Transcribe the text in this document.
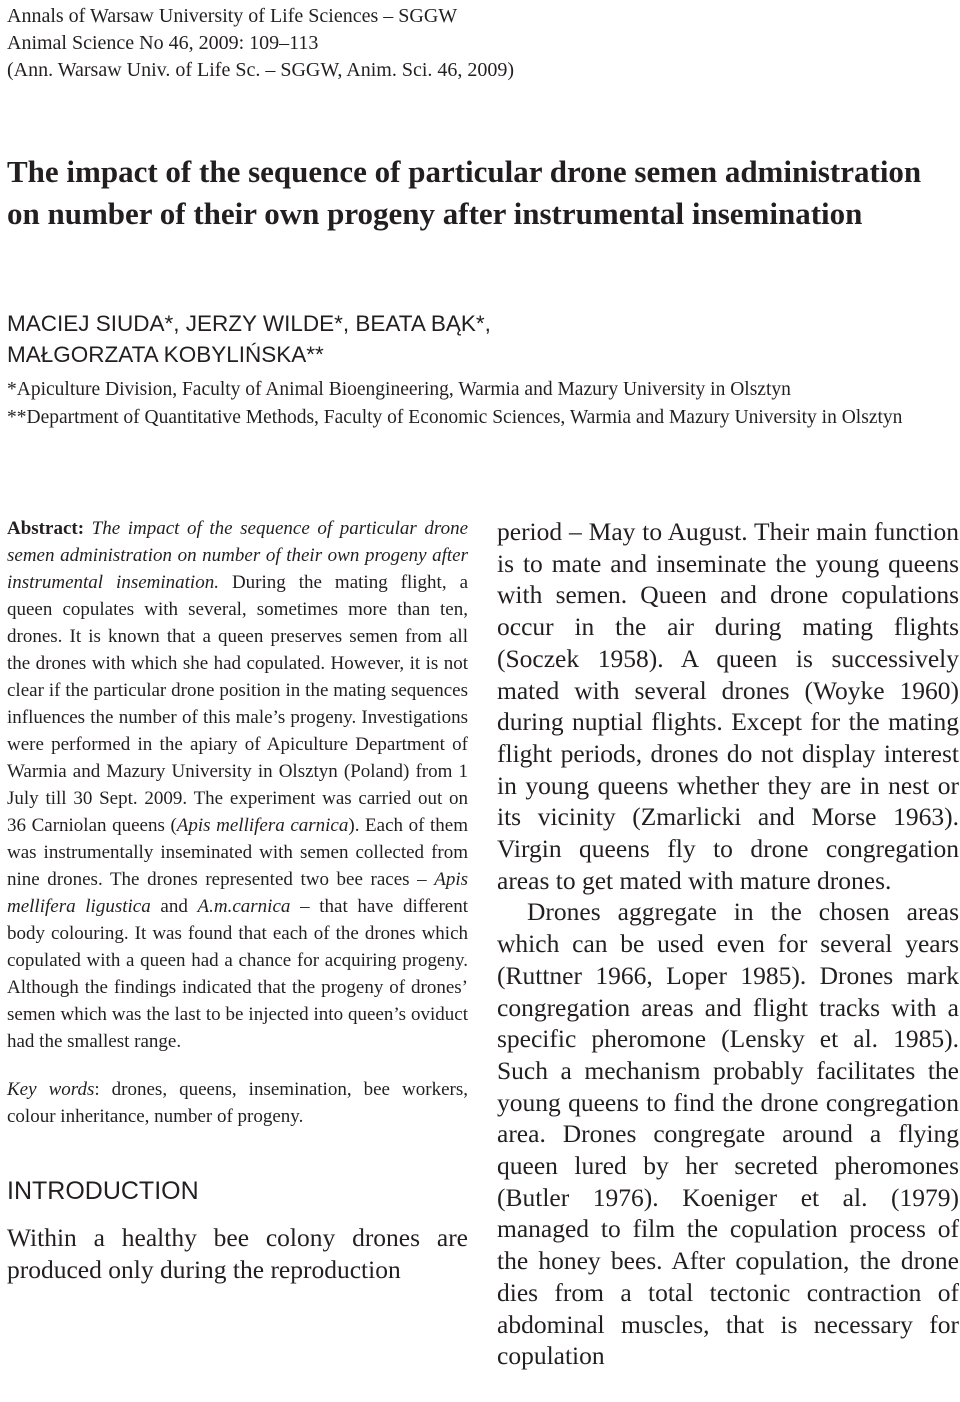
Annals of Warsaw University of Life Sciences – SGGW
Animal Science No 46, 2009: 109–113
(Ann. Warsaw Univ. of Life Sc. – SGGW, Anim. Sci. 46, 2009)
The impact of the sequence of particular drone semen administration on number of their own progeny after instrumental insemination
MACIEJ SIUDA*, JERZY WILDE*, BEATA BĄK*,
MAŁGORZATA KOBYLIŃSKA**
*Apiculture Division, Faculty of Animal Bioengineering, Warmia and Mazury University in Olsztyn
**Department of Quantitative Methods, Faculty of Economic Sciences, Warmia and Mazury University in Olsztyn

Abstract: The impact of the sequence of particular drone semen administration on number of their own progeny after instrumental insemination. During the mating flight, a queen copulates with several, sometimes more than ten, drones. It is known that a queen preserves semen from all the drones with which she had copulated. However, it is not clear if the particular drone position in the mating sequences influences the number of this male’s progeny. Investigations were performed in the apiary of Apiculture Department of Warmia and Mazury University in Olsztyn (Poland) from 1 July till 30 Sept. 2009. The experiment was carried out on 36 Carniolan queens (Apis mellifera carnica). Each of them was instrumentally inseminated with semen collected from nine drones. The drones represented two bee races – Apis mellifera ligustica and A.m.carnica – that have different body colouring. It was found that each of the drones which copulated with a queen had a chance for acquiring progeny. Although the findings indicated that the progeny of drones’ semen which was the last to be injected into queen’s oviduct had the smallest range.

Key words: drones, queens, insemination, bee workers, colour inheritance, number of progeny.
INTRODUCTION
Within a healthy bee colony drones are produced only during the reproduction

period – May to August. Their main function is to mate and inseminate the young queens with semen. Queen and drone copulations occur in the air during mating flights (Soczek 1958). A queen is successively mated with several drones (Woyke 1960) during nuptial flights. Except for the mating flight periods, drones do not display interest in young queens whether they are in nest or its vicinity (Zmarlicki and Morse 1963). Virgin queens fly to drone congregation areas to get mated with mature drones.

Drones aggregate in the chosen areas which can be used even for several years (Ruttner 1966, Loper 1985). Drones mark congregation areas and flight tracks with a specific pheromone (Lensky et al. 1985). Such a mechanism probably facilitates the young queens to find the drone congregation area. Drones congregate around a flying queen lured by her secreted pheromones (Butler 1976). Koeniger et al. (1979) managed to film the copulation process of the honey bees. After copulation, the drone dies from a total tectonic contraction of abdominal muscles, that is necessary for copulation
